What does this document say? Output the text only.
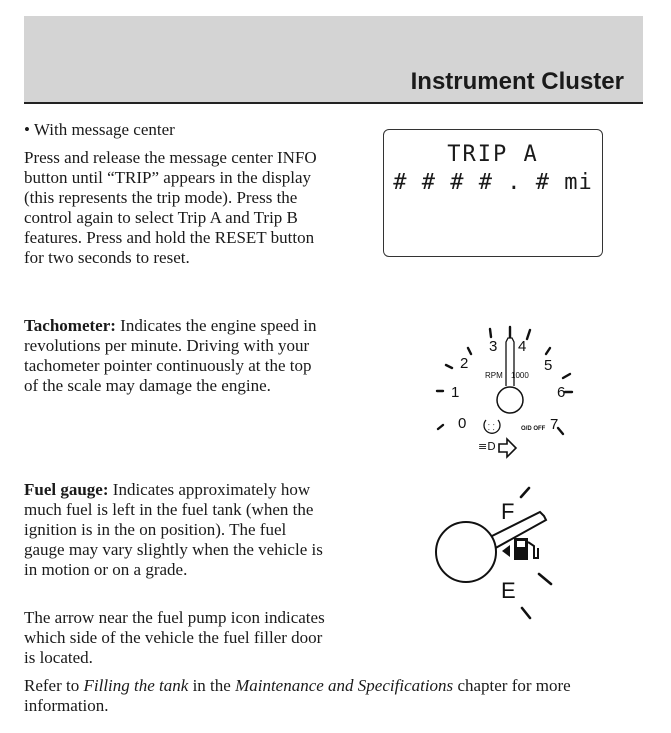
Instrument Cluster
• With message center
Press and release the message center INFO button until “TRIP” appears in the display (this represents the trip mode). Press the control again to select Trip A and Trip B features. Press and hold the RESET button for two seconds to reset.
TRIP A
# # # # . # mi

Tachometer: Indicates the engine speed in revolutions per minute. Driving with your tachometer pointer continuously at the top of the scale may damage the engine.

0
1
2
3 4
5
6
7
RPM 1000
O/D OFF
⸬
≡D

Fuel gauge: Indicates approximately how much fuel is left in the fuel tank (when the ignition is in the on position). The fuel gauge may vary slightly when the vehicle is in motion or on a grade.

F
E
The arrow near the fuel pump icon indicates which side of the vehicle the fuel filler door is located.
Refer to Filling the tank in the Maintenance and Specifications chapter for more information.
